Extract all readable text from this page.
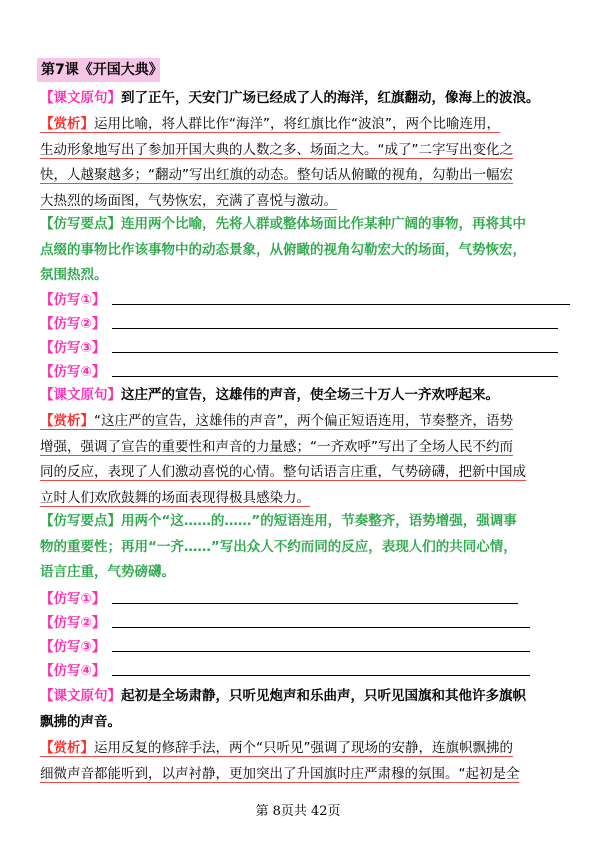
第7课《开国大典》
【课文原句】到了正午，天安门广场已经成了人的海洋，红旗翻动，像海上的波浪。
【赏析】运用比喻，将人群比作“海洋”，将红旗比作“波浪”，两个比喻连用，
生动形象地写出了参加开国大典的人数之多、场面之大。“成了”二字写出变化之
快，人越聚越多；“翻动”写出红旗的动态。整句话从俯瞰的视角，勾勒出一幅宏
大热烈的场面图，气势恢宏，充满了喜悦与激动。
【仿写要点】连用两个比喻，先将人群或整体场面比作某种广阔的事物，再将其中
点缀的事物比作该事物中的动态景象，从俯瞰的视角勾勒宏大的场面，气势恢宏，
氛围热烈。
【仿写①】
【仿写②】
【仿写③】
【仿写④】
【课文原句】这庄严的宣告，这雄伟的声音，使全场三十万人一齐欢呼起来。
【赏析】“这庄严的宣告，这雄伟的声音”，两个偏正短语连用，节奏整齐，语势
增强，强调了宣告的重要性和声音的力量感；“一齐欢呼”写出了全场人民不约而
同的反应，表现了人们激动喜悦的心情。整句话语言庄重，气势磅礴，把新中国成
立时人们欢欣鼓舞的场面表现得极具感染力。
【仿写要点】用两个“这……的……”的短语连用，节奏整齐，语势增强，强调事
物的重要性；再用“一齐……”写出众人不约而同的反应，表现人们的共同心情，
语言庄重，气势磅礴。
【仿写①】
【仿写②】
【仿写③】
【仿写④】
【课文原句】起初是全场肃静，只听见炮声和乐曲声，只听见国旗和其他许多旗帜
飘拂的声音。
【赏析】运用反复的修辞手法，两个“只听见”强调了现场的安静，连旗帜飘拂的
细微声音都能听到，以声衬静，更加突出了升国旗时庄严肃穆的氛围。“起初是全
第 8页共 42页
